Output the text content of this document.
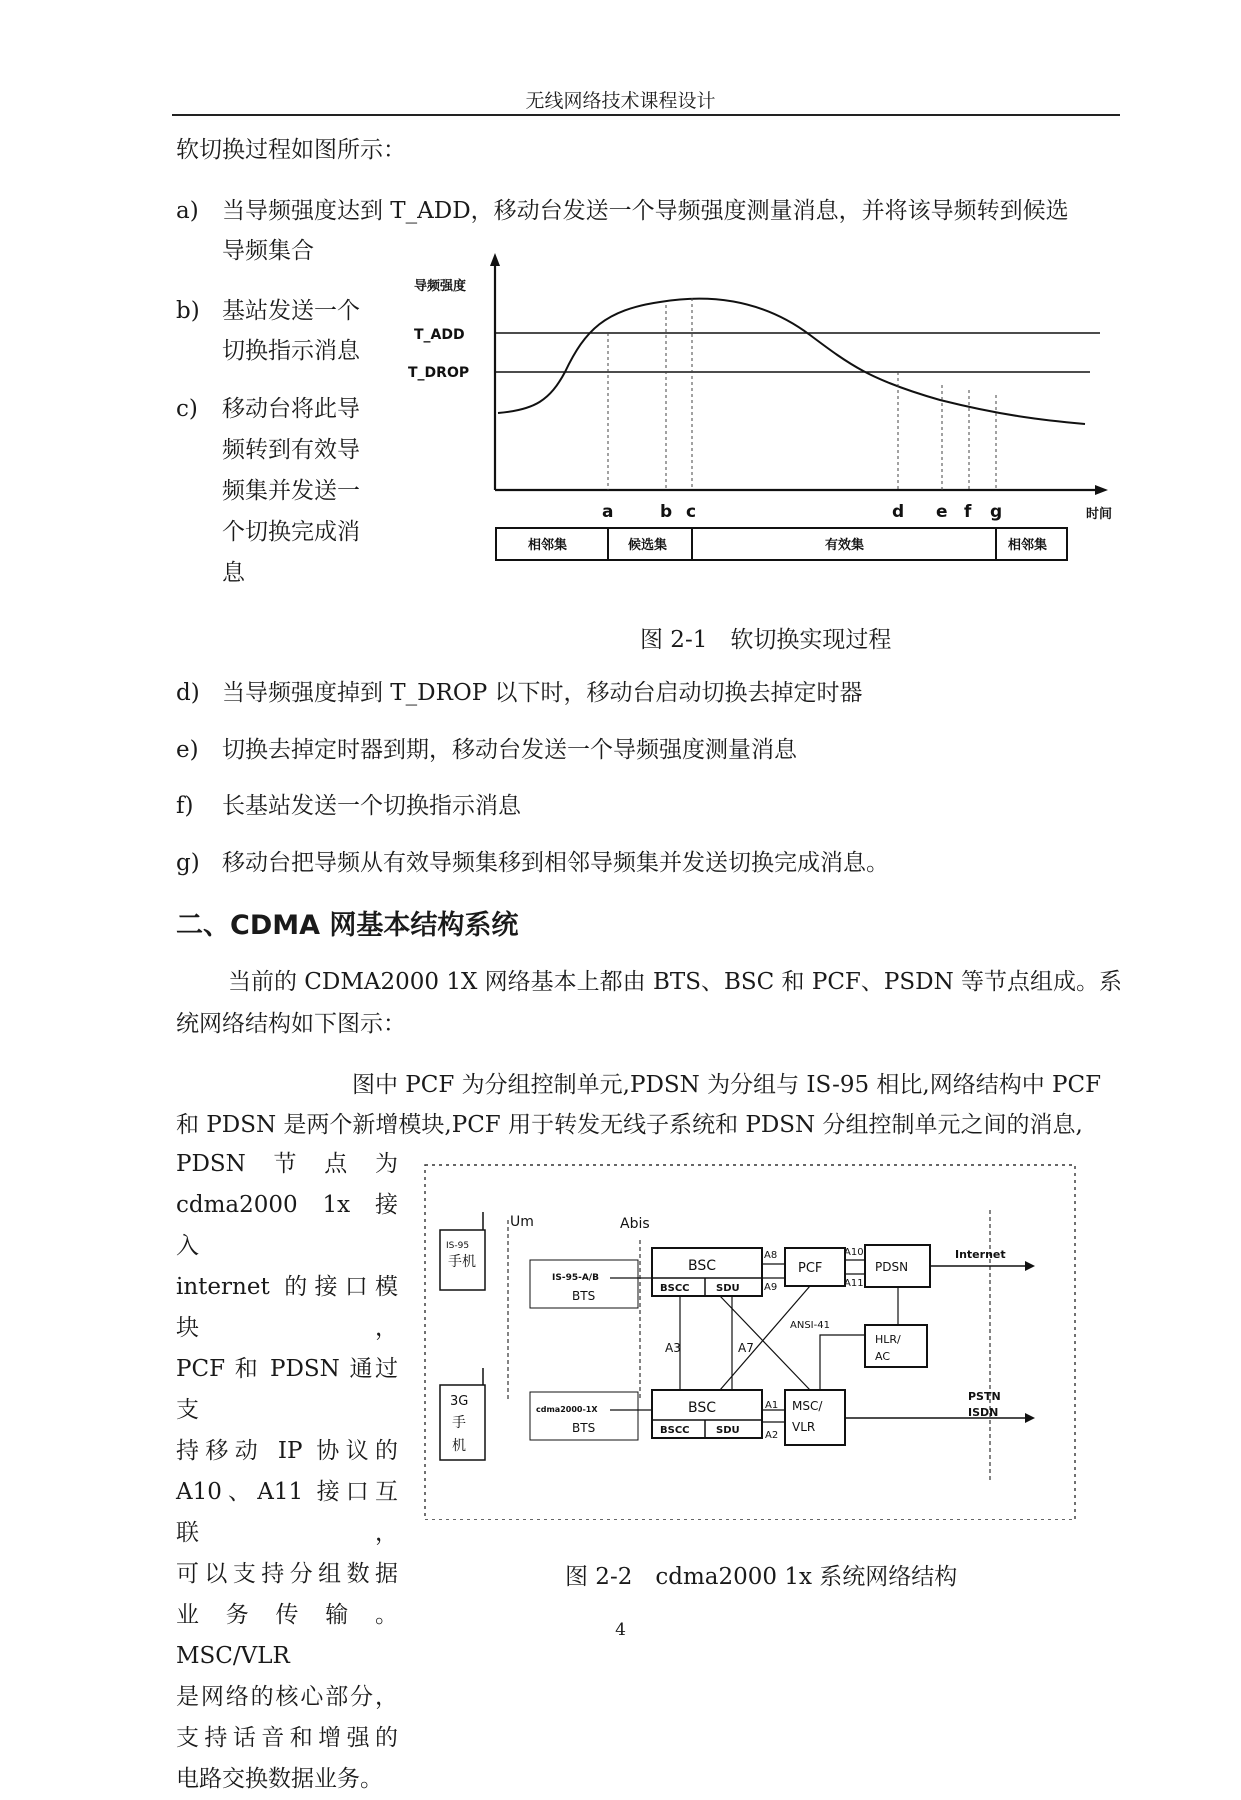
无线网络技术课程设计
软切换过程如图所示：
a) 当导频强度达到 T_ADD，移动台发送一个导频强度测量消息，并将该导频转到候选
导频集合
b) 基站发送一个
切换指示消息
c) 移动台将此导
频转到有效导
频集并发送一
个切换完成消
息
导频强度
时间
T_ADD
T_DROP
a	b c	d e f g
相邻集	候选集	有效集	相邻集
图 2-1　软切换实现过程
d) 当导频强度掉到 T_DROP 以下时，移动台启动切换去掉定时器
e) 切换去掉定时器到期，移动台发送一个导频强度测量消息
f) 长基站发送一个切换指示消息
g) 移动台把导频从有效导频集移到相邻导频集并发送切换完成消息。
二、CDMA 网基本结构系统
当前的 CDMA2000 1X 网络基本上都由 BTS、BSC 和 PCF、PSDN 等节点组成。系
统网络结构如下图示：
图中 PCF 为分组控制单元,PDSN 为分组与 IS-95 相比,网络结构中 PCF
和 PDSN 是两个新增模块,PCF 用于转发无线子系统和 PDSN 分组控制单元之间的消息,
PDSN　节　点　为
cdma2000　1x　接 入
internet 的接口模块，
PCF 和 PDSN 通过支
持移动 IP 协议的
A10、A11 接口互联，
可以支持分组数据
业务传输。MSC/VLR
是网络的核心部分，
支持话音和增强的
电路交换数据业务。
Um	Abis
IS-95
手机
3G
手
机
IS-95-A/B
BTS
cdma2000-1X
BTS
BSC
BSCC	SDU
BSC
BSCC	SDU
A3	A7
PCF	PDSN
MSC/
VLR
HLR/
AC
A8
A9
A1
A2
A10
A11
ANSI-41
Internet
PSTN
ISDN
图 2-2　cdma2000 1x 系统网络结构
4
